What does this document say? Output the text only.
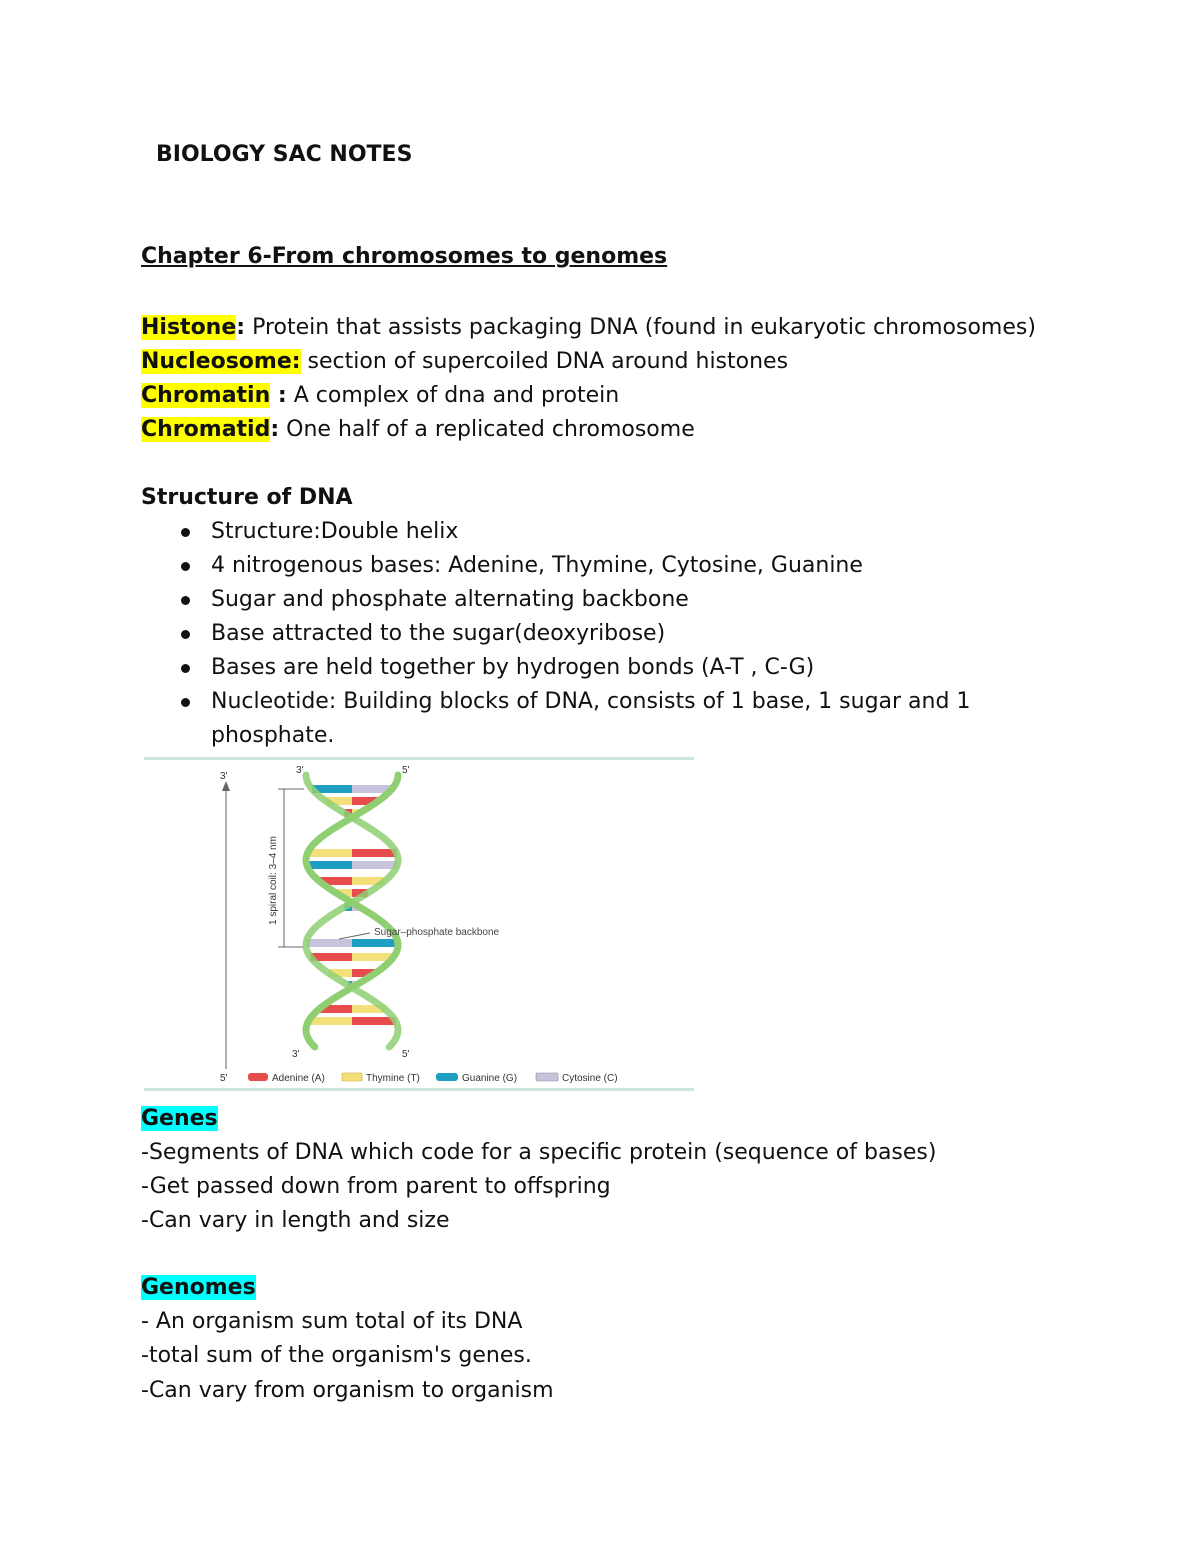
BIOLOGY SAC NOTES
Chapter 6-From chromosomes to genomes
Histone: Protein that assists packaging DNA (found in eukaryotic chromosomes)
Nucleosome: section of supercoiled DNA around histones
Chromatin : A complex of dna and protein
Chromatid: One half of a replicated chromosome
Structure of DNA
Structure:Double helix
4 nitrogenous bases: Adenine, Thymine, Cytosine, Guanine
Sugar and phosphate alternating backbone
Base attracted to the sugar(deoxyribose)
Bases are held together by hydrogen bonds (A-T , C-G)
Nucleotide: Building blocks of DNA, consists of 1 base, 1 sugar and 1 phosphate.
3'
5'
1 spiral coil: 3–4 nm
3'	5'
3'	5'
Sugar–phosphate backbone
Adenine (A)	Thymine (T)	Guanine (G)	Cytosine (C)
Genes
-Segments of DNA which code for a specific protein (sequence of bases)
-Get passed down from parent to offspring
-Can vary in length and size
Genomes
- An organism sum total of its DNA
-total sum of the organism's genes.
-Can vary from organism to organism
